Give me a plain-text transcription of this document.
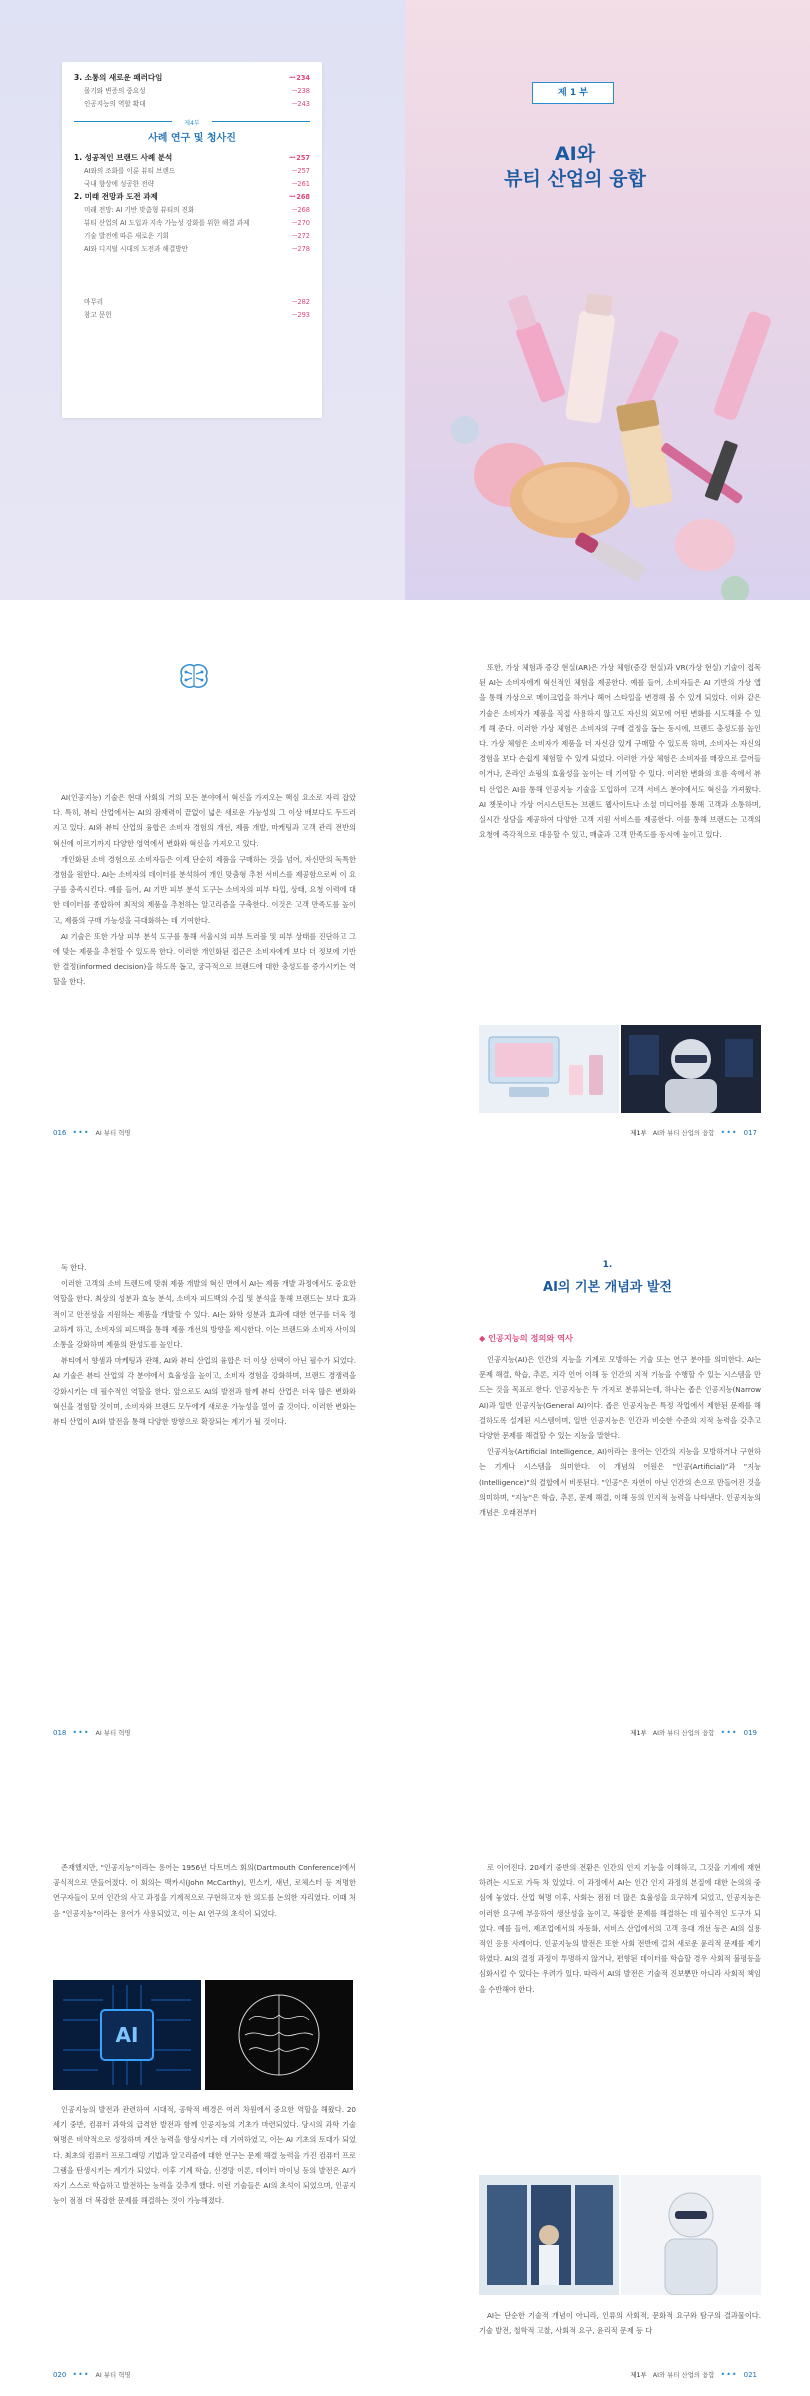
3. 소통의 새로운 패러다임	···· 234
몰기와 변증의 중요성	···· 238
인공지능의 역할 확대	···· 243
제4부
사례 연구 및 청사진
1. 성공적인 브랜드 사례 분석	···· 257
AI와의 조화를 이룬 뷰티 브랜드	···· 257
국내 향상에 성공한 전략	···· 261
2. 미래 전망과 도전 과제	···· 268
미래 전망: AI 기반 맞춤형 뷰티의 진화	···· 268
뷰티 산업의 AI 도입과 지속 가능성 강화를 위한 해결 과제	···· 270
기술 발전에 따른 새로운 기회	···· 272
AI와 디지털 시대의 도전과 해결방안	···· 278
마무리	···· 282
참고 문헌	···· 293
제 1 부
AI와
뷰티 산업의 융합

AI(인공지능) 기술은 현대 사회의 거의 모든 분야에서 혁신을 가져오는 핵심 요소로 자리 잡았다. 특히, 뷰티 산업에서는 AI의 잠재력이 끝없이 넓은 새로운 가능성의 그 이상 배보다도 두드러지고 있다. AI와 뷰티 산업의 융합은 소비자 경험의 개선, 제품 개발, 마케팅과 고객 관리 전반의 혁신에 이르기까지 다양한 영역에서 변화와 혁신을 가져오고 있다.

개인화된 소비 경험으로 소비자들은 이제 단순히 제품을 구매하는 것을 넘어, 자신만의 독특한 경험을 원한다. AI는 소비자의 데이터를 분석하여 개인 맞춤형 추천 서비스를 제공함으로써 이 요구를 충족시킨다. 예를 들어, AI 기반 피부 분석 도구는 소비자의 피부 타입, 상태, 요청 이력에 대한 데이터를 종합하여 최적의 제품을 추천하는 알고리즘을 구축한다. 이것은 고객 만족도를 높이고, 제품의 구매 가능성을 극대화하는 데 기여한다.

AI 기술은 또한 가상 피부 분석 도구를 통해 서울시의 피부 트러블 및 피부 상태를 진단하고 그에 맞는 제품을 추천할 수 있도록 한다. 이러한 개인화된 접근은 소비자에게 보다 더 정보에 기반한 결정(informed decision)을 하도록 돕고, 궁극적으로 브랜드에 대한 충성도를 증가시키는 역할을 한다.

016 ••• AI 뷰티 혁명

또한, 가상 체험과 증강 현실(AR)은 가상 체험(증강 현실)과 VR(가상 현실) 기술이 접목된 AI는 소비자에게 혁신적인 체험을 제공한다. 예를 들어, 소비자들은 AI 기반의 가상 앱을 통해 가상으로 메이크업을 하거나 헤어 스타일을 변경해 볼 수 있게 되었다. 이와 같은 기술은 소비자가 제품을 직접 사용하지 않고도 자신의 외모에 어떤 변화를 시도해볼 수 있게 해 준다. 이러한 가상 체험은 소비자의 구매 결정을 돕는 동시에, 브랜드 충성도를 높인다. 가상 체험은 소비자가 제품을 더 자신감 있게 구매할 수 있도록 하며, 소비자는 자신의 경험을 보다 손쉽게 체험할 수 있게 되었다. 이러한 가상 체험은 소비자를 매장으로 끌어들이거나, 온라인 쇼핑의 효율성을 높이는 데 기여할 수 있다. 이러한 변화의 흐름 속에서 뷰티 산업은 AI를 통해 인공지능 기술을 도입하여 고객 서비스 분야에서도 혁신을 가져왔다. AI 챗봇이나 가상 어시스턴트는 브랜드 웹사이트나 소셜 미디어를 통해 고객과 소통하며, 실시간 상담을 제공하여 다양한 고객 지원 서비스를 제공한다. 이를 통해 브랜드는 고객의 요청에 즉각적으로 대응할 수 있고, 매출과 고객 만족도를 동시에 높이고 있다.

제1부 AI와 뷰티 산업의 융합 ••• 017

독 한다.

이러한 고객의 소비 트렌드에 맞춰 제품 개발의 혁신 면에서 AI는 제품 개발 과정에서도 중요한 역할을 한다. 최상의 성분과 효능 분석, 소비자 피드백의 수집 및 분석을 통해 브랜드는 보다 효과적이고 안전성을 지원하는 제품을 개발할 수 있다. AI는 화학 성분과 효과에 대한 연구를 더욱 정교하게 하고, 소비자의 피드백을 통해 제품 개선의 방향을 제시한다. 이는 브랜드와 소비자 사이의 소통을 강화하며 제품의 완성도를 높인다.

뷰티에서 향샘과 마케팅과 관해, AI와 뷰티 산업의 융합은 더 이상 선택이 아닌 필수가 되었다. AI 기술은 뷰티 산업의 각 분야에서 효율성을 높이고, 소비자 경험을 강화하며, 브랜드 경쟁력을 강화시키는 데 필수적인 역할을 한다. 앞으로도 AI의 발전과 함께 뷰티 산업은 더욱 많은 변화와 혁신을 경험할 것이며, 소비자와 브랜드 모두에게 새로운 가능성을 열어 줄 것이다. 이러한 변화는 뷰티 산업이 AI와 발전을 통해 다양한 방향으로 확장되는 계기가 될 것이다.

018 ••• AI 뷰티 혁명
1.
AI의 기본 개념과 발전
◆ 인공지능의 정의와 역사

인공지능(AI)은 인간의 지능을 기계로 모방하는 기술 또는 연구 분야를 의미한다. AI는 문제 해결, 학습, 추론, 지각 언어 이해 등 인간의 지적 기능을 수행할 수 있는 시스템을 만드는 것을 목표로 한다. 인공지능은 두 가지로 분류되는데, 하나는 좁은 인공지능(Narrow AI)과 일반 인공지능(General AI)이다. 좁은 인공지능은 특정 작업에서 제한된 문제를 해결하도록 설계된 시스템이며, 일반 인공지능은 인간과 비슷한 수준의 지적 능력을 갖추고 다양한 문제를 해결할 수 있는 지능을 말한다.

인공지능(Artificial Intelligence, AI)이라는 용어는 인간의 지능을 모방하거나 구현하는 기계나 시스템을 의미한다. 이 개념의 어원은 "인공(Artificial)"과 "지능(Intelligence)"의 결합에서 비롯된다. "인공"은 자연이 아닌 인간의 손으로 만들어진 것을 의미하며, "지능"은 학습, 추론, 문제 해결, 이해 등의 인지적 능력을 나타낸다. 인공지능의 개념은 오래전부터

제1부 AI와 뷰티 산업의 융합 ••• 019

존재했지만, "인공지능"이라는 용어는 1956년 다트머스 회의(Dartmouth Conference)에서 공식적으로 만들어졌다. 이 회의는 맥카시(John McCarthy), 민스키, 섀넌, 로체스터 등 저명한 연구자들이 모여 인간의 사고 과정을 기계적으로 구현하고자 한 의도를 논의한 자리였다. 이때 처음 "인공지능"이라는 용어가 사용되었고, 이는 AI 연구의 초석이 되었다.

AI

인공지능의 발전과 관련하여 시대적, 공학적 배경은 여러 차원에서 중요한 역할을 해왔다. 20세기 중반, 컴퓨터 과학의 급격한 발전과 함께 인공지능의 기초가 마련되었다. 당시의 과학 기술 혁명은 비약적으로 성장하며 계산 능력을 향상시키는 데 기여하였고, 이는 AI 기초의 토대가 되었다. 최초의 컴퓨터 프로그래밍 기법과 알고리즘에 대한 연구는 문제 해결 능력을 가진 컴퓨터 프로그램을 탄생시키는 계기가 되었다. 이후 기계 학습, 신경망 이론, 데이터 마이닝 등의 발전은 AI가 자기 스스로 학습하고 발전하는 능력을 갖추게 했다. 이런 기술들은 AI의 초석이 되었으며, 인공지능이 점점 더 복잡한 문제를 해결하는 것이 가능해졌다.

020 ••• AI 뷰티 혁명

로 이어진다. 20세기 중반의 전환은 인간의 인지 기능을 이해하고, 그것을 기계에 재현하려는 시도로 가득 차 있었다. 이 과정에서 AI는 인간 인지 과정의 본질에 대한 논의의 중심에 놓였다. 산업 혁명 이후, 사회는 점점 더 많은 효율성을 요구하게 되었고, 인공지능은 이러한 요구에 부응하여 생산성을 높이고, 복잡한 문제를 해결하는 데 필수적인 도구가 되었다. 예를 들어, 제조업에서의 자동화, 서비스 산업에서의 고객 응대 개선 등은 AI의 실용적인 응용 사례이다. 인공지능의 발전은 또한 사회 전반에 걸쳐 새로운 윤리적 문제를 제기하였다. AI의 결정 과정이 투명하지 않거나, 편향된 데이터를 학습할 경우 사회적 불평등을 심화시킬 수 있다는 우려가 있다. 따라서 AI의 발전은 기술적 진보뿐만 아니라 사회적 책임을 수반해야 한다.

AI는 단순한 기술적 개념이 아니라, 인류의 사회적, 문화적 요구와 탐구의 결과물이다. 기술 발전, 철학적 고찰, 사회적 요구, 윤리적 문제 등 다

제1부 AI와 뷰티 산업의 융합 ••• 021
